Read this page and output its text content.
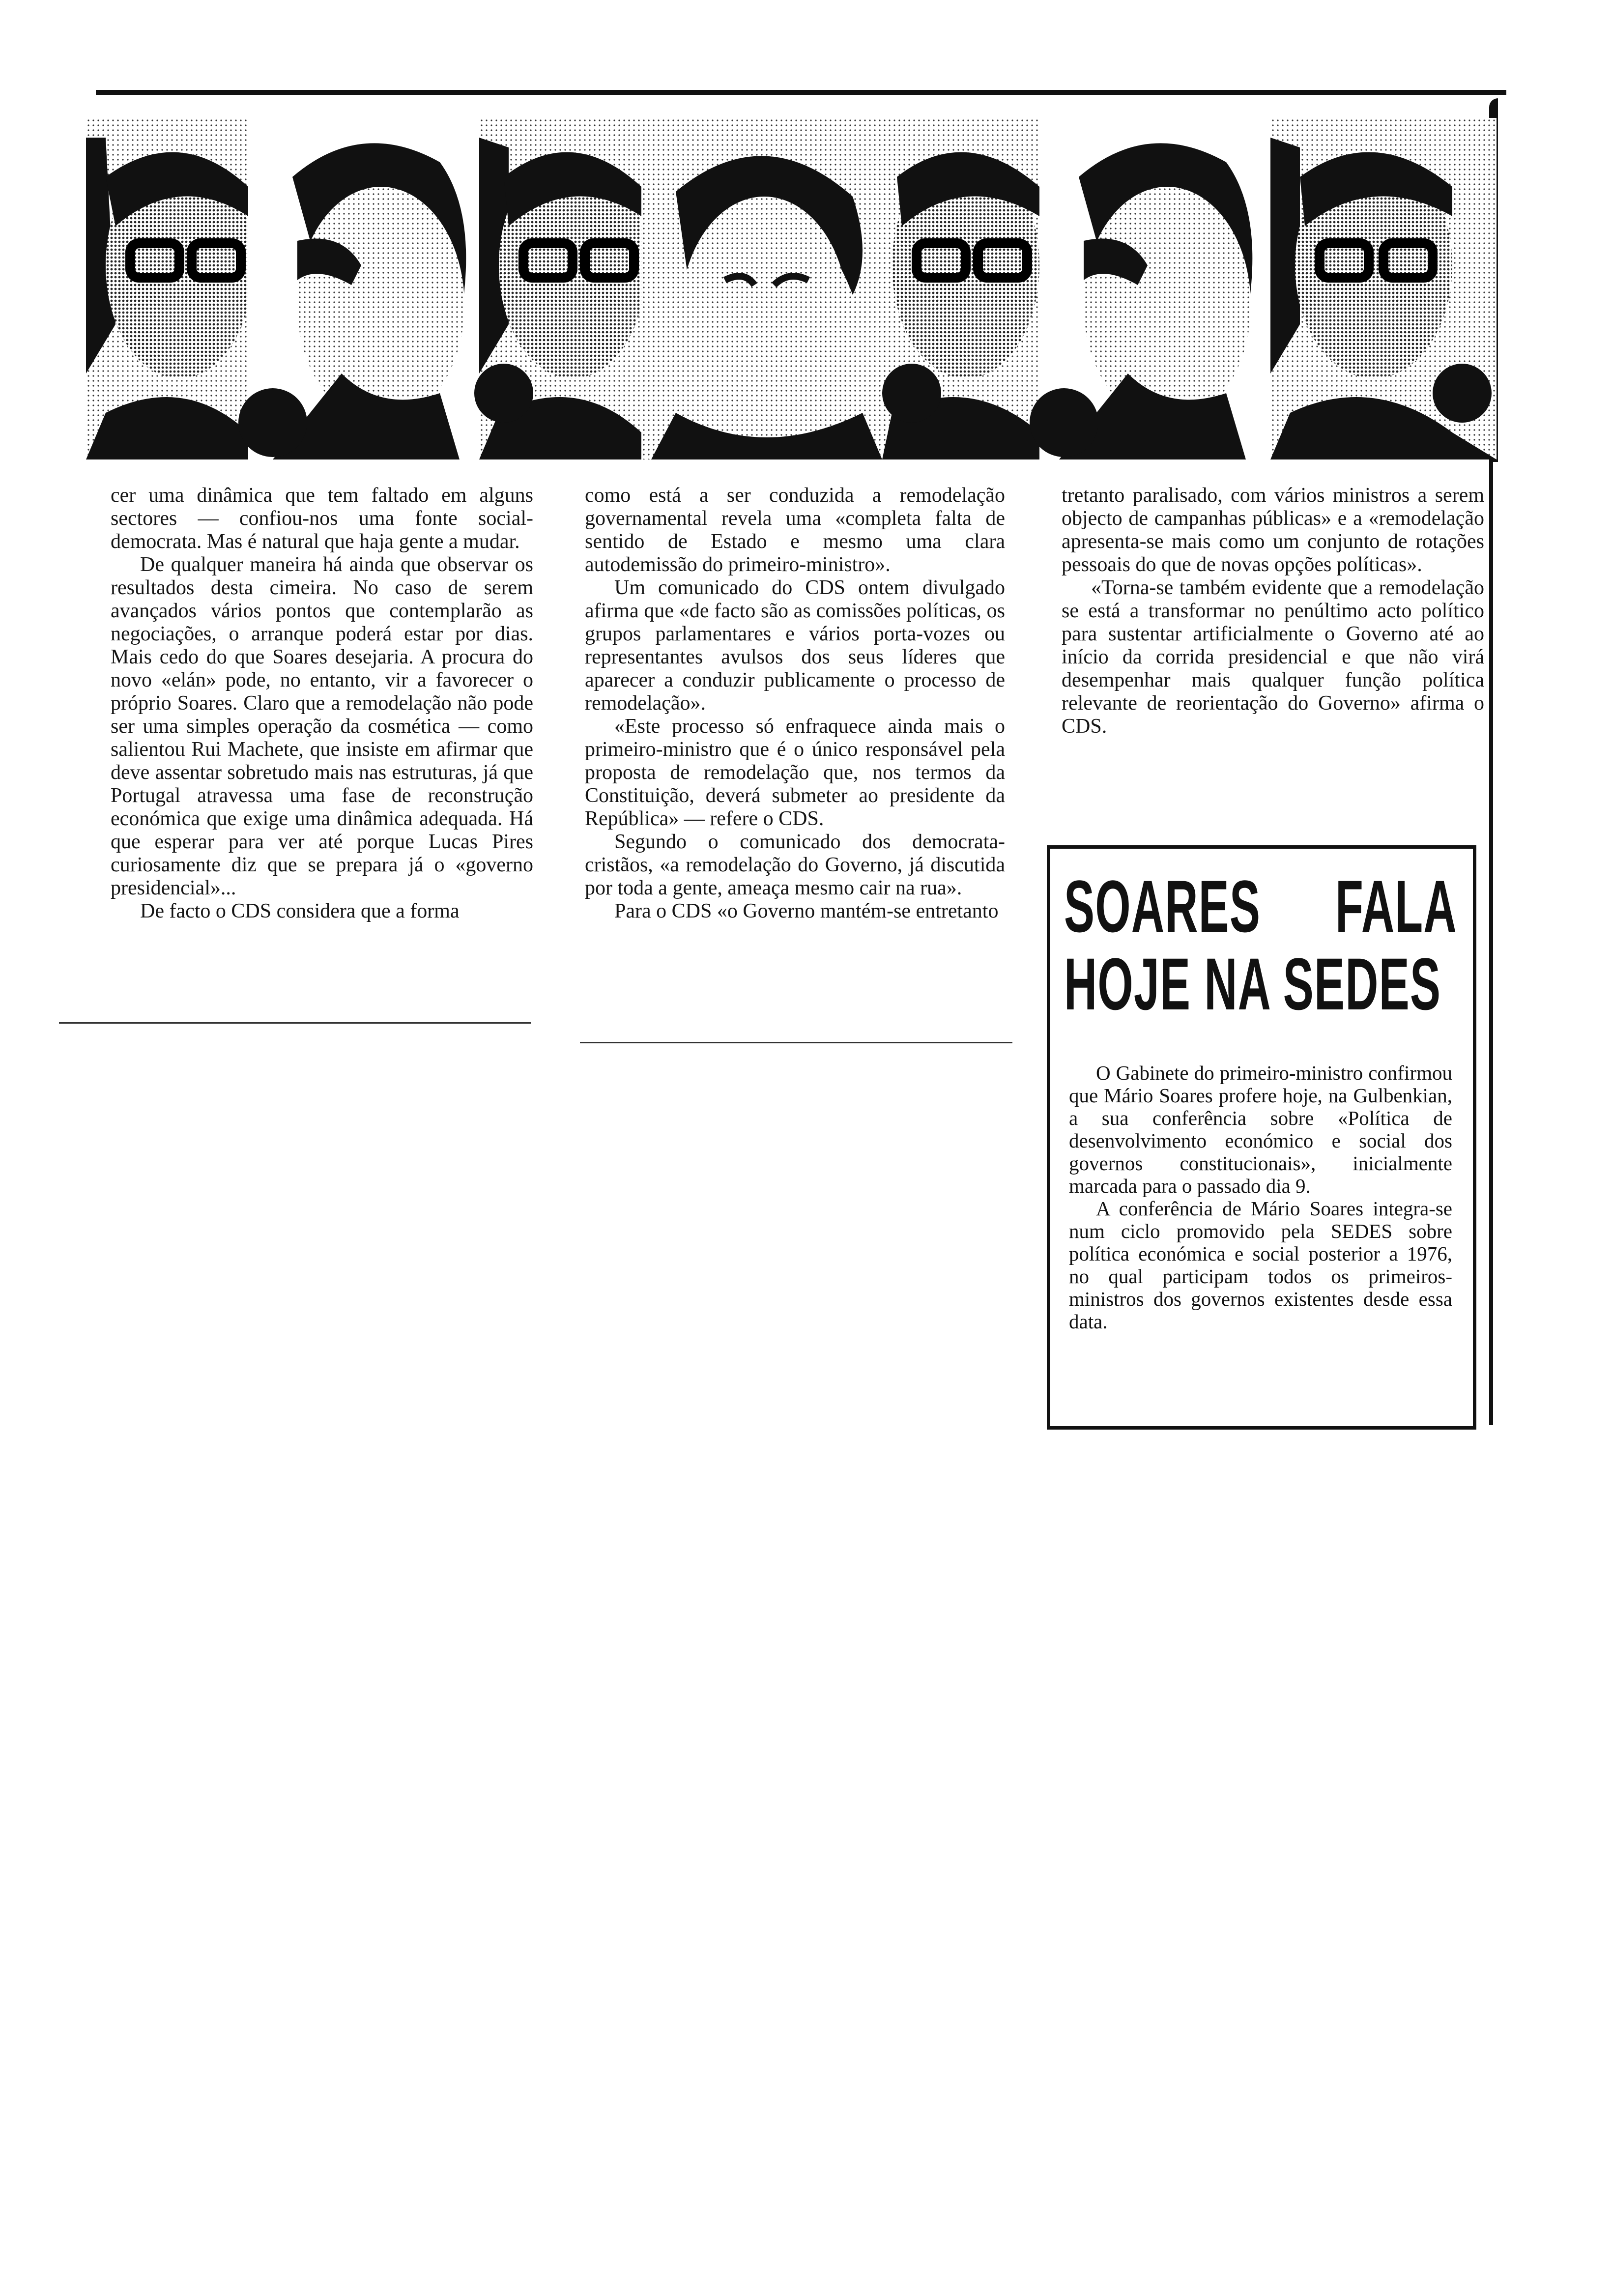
cer uma dinâmica que tem faltado em alguns sectores — confiou-nos uma fonte social-democrata. Mas é natural que haja gente a mudar.

De qualquer maneira há ainda que observar os resultados desta cimeira. No caso de serem avançados vários pontos que contemplarão as negociações, o arranque poderá estar por dias. Mais cedo do que Soares desejaria. A procura do novo «elán» pode, no entanto, vir a favorecer o próprio Soares. Claro que a remodelação não pode ser uma simples operação da cosmética — como salientou Rui Machete, que insiste em afirmar que deve assentar sobretudo mais nas estruturas, já que Portugal atravessa uma fase de reconstrução económica que exige uma dinâmica adequada. Há que esperar para ver até porque Lucas Pires curiosamente diz que se prepara já o «governo presidencial»...

De facto o CDS considera que a forma

como está a ser conduzida a remodelação governamental revela uma «completa falta de sentido de Estado e mesmo uma clara autodemissão do primeiro-ministro».

Um comunicado do CDS ontem divulgado afirma que «de facto são as comissões políticas, os grupos parlamentares e vários porta-vozes ou representantes avulsos dos seus líderes que aparecer a conduzir publicamente o processo de remodelação».

«Este processo só enfraquece ainda mais o primeiro-ministro que é o único responsável pela proposta de remodelação que, nos termos da Constituição, deverá submeter ao presidente da República» — refere o CDS.

Segundo o comunicado dos democrata-cristãos, «a remodelação do Governo, já discutida por toda a gente, ameaça mesmo cair na rua».

Para o CDS «o Governo mantém-se entretanto

tretanto paralisado, com vários ministros a serem objecto de campanhas públicas» e a «remodelação apresenta-se mais como um conjunto de rotações pessoais do que de novas opções políticas».

«Torna-se também evidente que a remodelação se está a transformar no penúltimo acto político para sustentar artificialmente o Governo até ao início da corrida presidencial e que não virá desempenhar mais qualquer função política relevante de reorientação do Governo» afirma o CDS.

SOARES FALA
HOJE NA SEDES

O Gabinete do primeiro-ministro confirmou que Mário Soares profere hoje, na Gulbenkian, a sua conferência sobre «Política de desenvolvimento económico e social dos governos constitucionais», inicialmente marcada para o passado dia 9.

A conferência de Mário Soares integra-se num ciclo promovido pela SEDES sobre política económica e social posterior a 1976, no qual participam todos os primeiros-ministros dos governos existentes desde essa data.
